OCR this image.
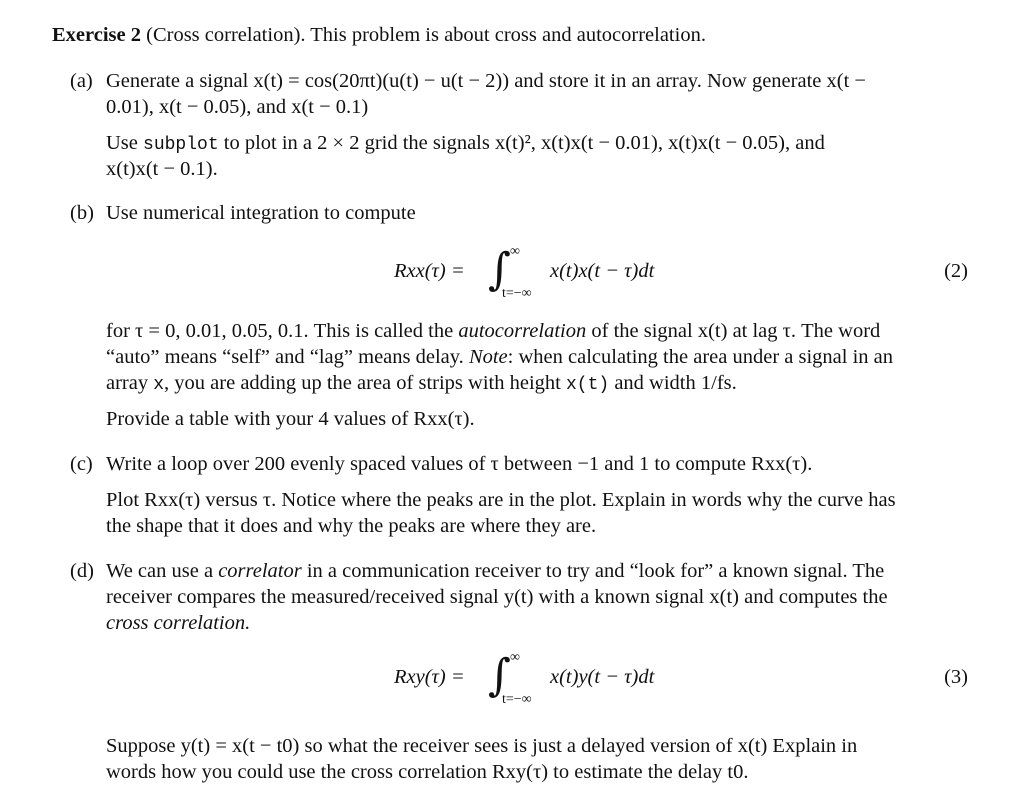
Exercise 2 (Cross correlation). This problem is about cross and autocorrelation.
(a) Generate a signal x(t) = cos(20πt)(u(t) − u(t − 2)) and store it in an array. Now generate x(t −
0.01), x(t − 0.05), and x(t − 0.1)
Use subplot to plot in a 2 × 2 grid the signals x(t)², x(t)x(t − 0.01), x(t)x(t − 0.05), and
x(t)x(t − 0.1).
(b) Use numerical integration to compute
Rxx(τ) = ∫ ∞
t=−∞
x(t)x(t − τ)dt	(2)
for τ = 0, 0.01, 0.05, 0.1. This is called the autocorrelation of the signal x(t) at lag τ. The word
“auto” means “self” and “lag” means delay. Note: when calculating the area under a signal in an
array x, you are adding up the area of strips with height x(t) and width 1/fs.
Provide a table with your 4 values of Rxx(τ).
(c) Write a loop over 200 evenly spaced values of τ between −1 and 1 to compute Rxx(τ).
Plot Rxx(τ) versus τ. Notice where the peaks are in the plot. Explain in words why the curve has
the shape that it does and why the peaks are where they are.
(d) We can use a correlator in a communication receiver to try and “look for” a known signal. The
receiver compares the measured/received signal y(t) with a known signal x(t) and computes the
cross correlation.
Rxy(τ) = ∫ ∞
t=−∞
x(t)y(t − τ)dt	(3)
Suppose y(t) = x(t − t0) so what the receiver sees is just a delayed version of x(t) Explain in
words how you could use the cross correlation Rxy(τ) to estimate the delay t0.
